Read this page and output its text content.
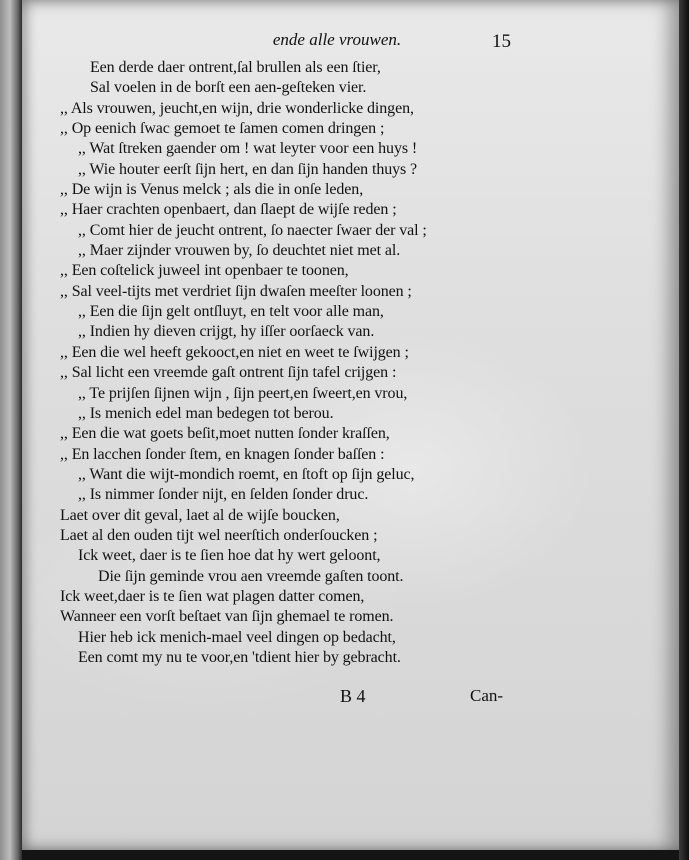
ende alle vrouwen.	15
Een derde daer ontrent,ſal brullen als een ſtier,
Sal voelen in de borſt een aen-geſteken vier.
,, Als vrouwen, jeucht,en wijn, drie wonderlicke dingen,
,, Op eenich ſwac gemoet te ſamen comen dringen ;
,, Wat ſtreken gaender om ! wat leyter voor een huys !
,, Wie houter eerſt ſijn hert, en dan ſijn handen thuys ?
,, De wijn is Venus melck ; als die in onſe leden,
,, Haer crachten openbaert, dan ſlaept de wijſe reden ;
,, Comt hier de jeucht ontrent, ſo naecter ſwaer der val ;
,, Maer zijnder vrouwen by, ſo deuchtet niet met al.
,, Een coſtelick juweel int openbaer te toonen,
,, Sal veel-tijts met verdriet ſijn dwaſen meeſter loonen ;
,, Een die ſijn gelt ontſluyt, en telt voor alle man,
,, Indien hy dieven crijgt, hy iſſer oorſaeck van.
,, Een die wel heeft gekooct,en niet en weet te ſwijgen ;
,, Sal licht een vreemde gaſt ontrent ſijn tafel crijgen :
,, Te prijſen ſijnen wijn , ſijn peert,en ſweert,en vrou,
,, Is menich edel man bedegen tot berou.
,, Een die wat goets beſit,moet nutten ſonder kraſſen,
,, En lacchen ſonder ſtem, en knagen ſonder baſſen :
,, Want die wijt-mondich roemt, en ſtoft op ſijn geluc,
,, Is nimmer ſonder nijt, en ſelden ſonder druc.
Laet over dit geval, laet al de wijſe boucken,
Laet al den ouden tijt wel neerſtich onderſoucken ;
Ick weet, daer is te ſien hoe dat hy wert geloont,
Die ſijn geminde vrou aen vreemde gaſten toont.
Ick weet,daer is te ſien wat plagen datter comen,
Wanneer een vorſt beſtaet van ſijn ghemael te romen.
Hier heb ick menich-mael veel dingen op bedacht,
Een comt my nu te voor,en 'tdient hier by gebracht.
B 4	Can-
